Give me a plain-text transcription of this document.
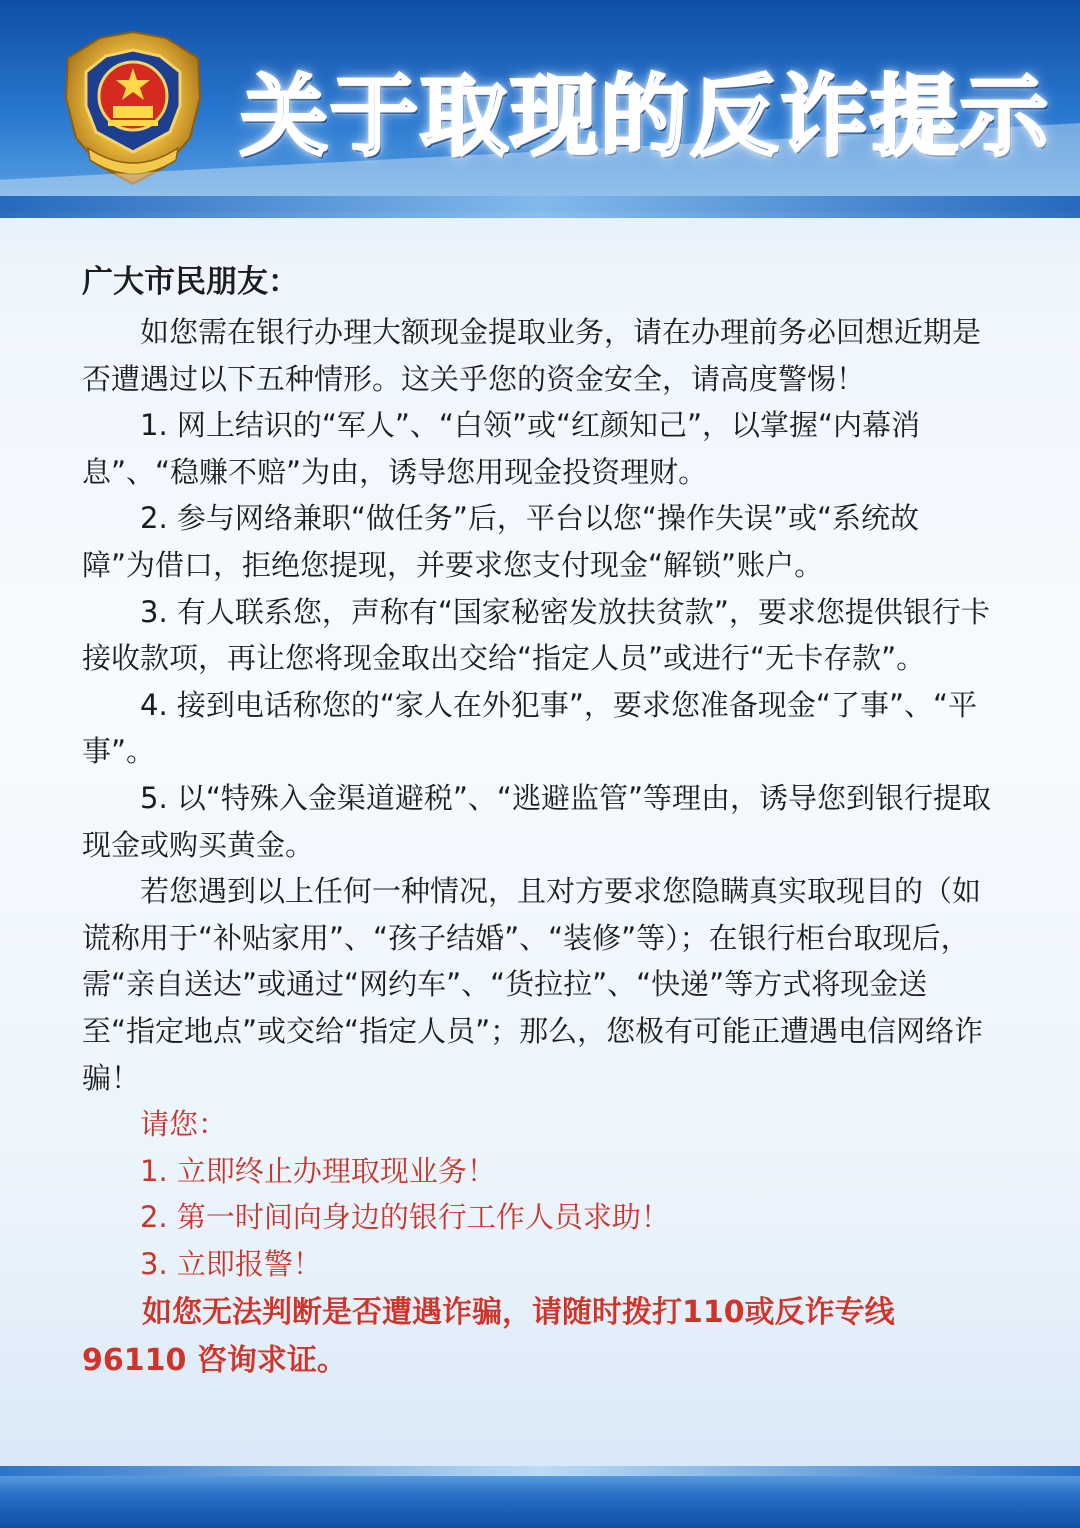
关于取现的反诈提示

广大市民朋友：

如您需在银行办理大额现金提取业务，请在办理前务必回想近期是否遭遇过以下五种情形。这关乎您的资金安全，请高度警惕！

1. 网上结识的“军人”、“白领”或“红颜知己”，以掌握“内幕消息”、“稳赚不赔”为由，诱导您用现金投资理财。

2. 参与网络兼职“做任务”后，平台以您“操作失误”或“系统故障”为借口，拒绝您提现，并要求您支付现金“解锁”账户。

3. 有人联系您，声称有“国家秘密发放扶贫款”，要求您提供银行卡接收款项，再让您将现金取出交给“指定人员”或进行“无卡存款”。

4. 接到电话称您的“家人在外犯事”，要求您准备现金“了事”、“平事”。

5. 以“特殊入金渠道避税”、“逃避监管”等理由，诱导您到银行提取现金或购买黄金。

若您遇到以上任何一种情况，且对方要求您隐瞒真实取现目的（如谎称用于“补贴家用”、“孩子结婚”、“装修”等）；在银行柜台取现后，需“亲自送达”或通过“网约车”、“货拉拉”、“快递”等方式将现金送至“指定地点”或交给“指定人员”；那么，您极有可能正遭遇电信网络诈骗！

请您：

1. 立即终止办理取现业务！

2. 第一时间向身边的银行工作人员求助！

3. 立即报警！

如您无法判断是否遭遇诈骗，请随时拨打110或反诈专线96110 咨询求证。
